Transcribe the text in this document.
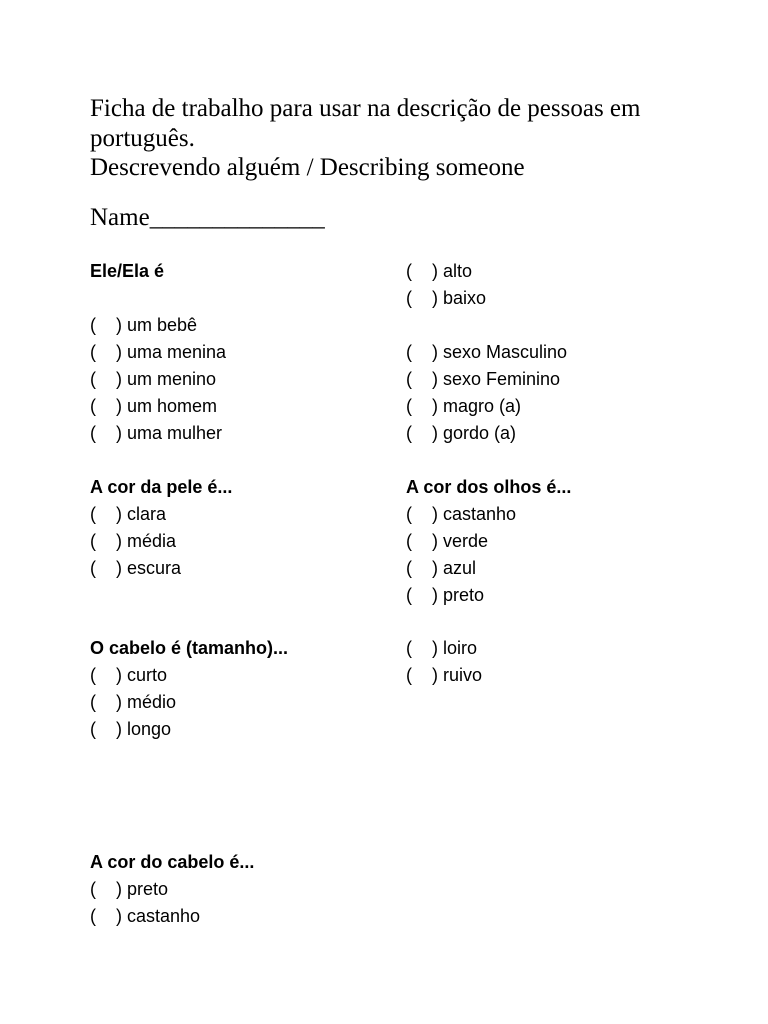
Ficha de trabalho para usar na descrição de pessoas em
português.
Descrevendo alguém / Describing someone
Name______________
Ele/Ela é
( ) um bebê
( ) uma menina
( ) um menino
( ) um homem
( ) uma mulher
A cor da pele é...
( ) clara
( ) média
( ) escura
O cabelo é (tamanho)...
( ) curto
( ) médio
( ) longo
A cor do cabelo é...
( ) preto
( ) castanho
( ) alto
( ) baixo
( ) sexo Masculino
( ) sexo Feminino
( ) magro (a)
( ) gordo (a)
A cor dos olhos é...
( ) castanho
( ) verde
( ) azul
( ) preto
( ) loiro
( ) ruivo
